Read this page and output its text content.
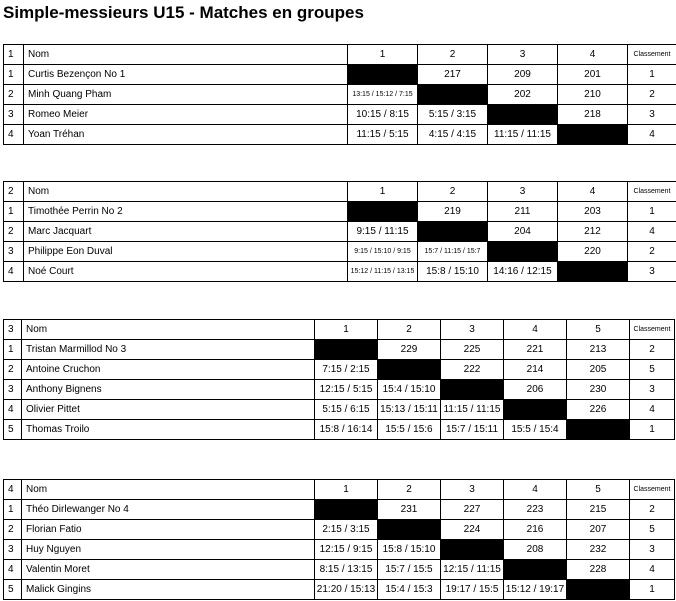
Simple-messieurs U15 - Matches en groupes
1	Nom	1	2	3	4	Classement
1	Curtis Bezençon No 1		217	209	201	1
2	Minh Quang Pham	13:15 / 15:12 / 7:15		202	210	2
3	Romeo Meier	10:15 / 8:15	5:15 / 3:15		218	3
4	Yoan Tréhan	11:15 / 5:15	4:15 / 4:15	11:15 / 11:15		4
2	Nom	1	2	3	4	Classement
1	Timothée Perrin No 2		219	211	203	1
2	Marc Jacquart	9:15 / 11:15		204	212	4
3	Philippe Eon Duval	9:15 / 15:10 / 9:15	15:7 / 11:15 / 15:7		220	2
4	Noé Court	15:12 / 11:15 / 13:15	15:8 / 15:10	14:16 / 12:15		3
3	Nom	1	2	3	4	5	Classement
1	Tristan Marmillod No 3		229	225	221	213	2
2	Antoine Cruchon	7:15 / 2:15		222	214	205	5
3	Anthony Bignens	12:15 / 5:15	15:4 / 15:10		206	230	3
4	Olivier Pittet	5:15 / 6:15	15:13 / 15:11	11:15 / 11:15		226	4
5	Thomas Troilo	15:8 / 16:14	15:5 / 15:6	15:7 / 15:11	15:5 / 15:4		1
4	Nom	1	2	3	4	5	Classement
1	Théo Dirlewanger No 4		231	227	223	215	2
2	Florian Fatio	2:15 / 3:15		224	216	207	5
3	Huy Nguyen	12:15 / 9:15	15:8 / 15:10		208	232	3
4	Valentin Moret	8:15 / 13:15	15:7 / 15:5	12:15 / 11:15		228	4
5	Malick Gingins	21:20 / 15:13	15:4 / 15:3	19:17 / 15:5	15:12 / 19:17		1
